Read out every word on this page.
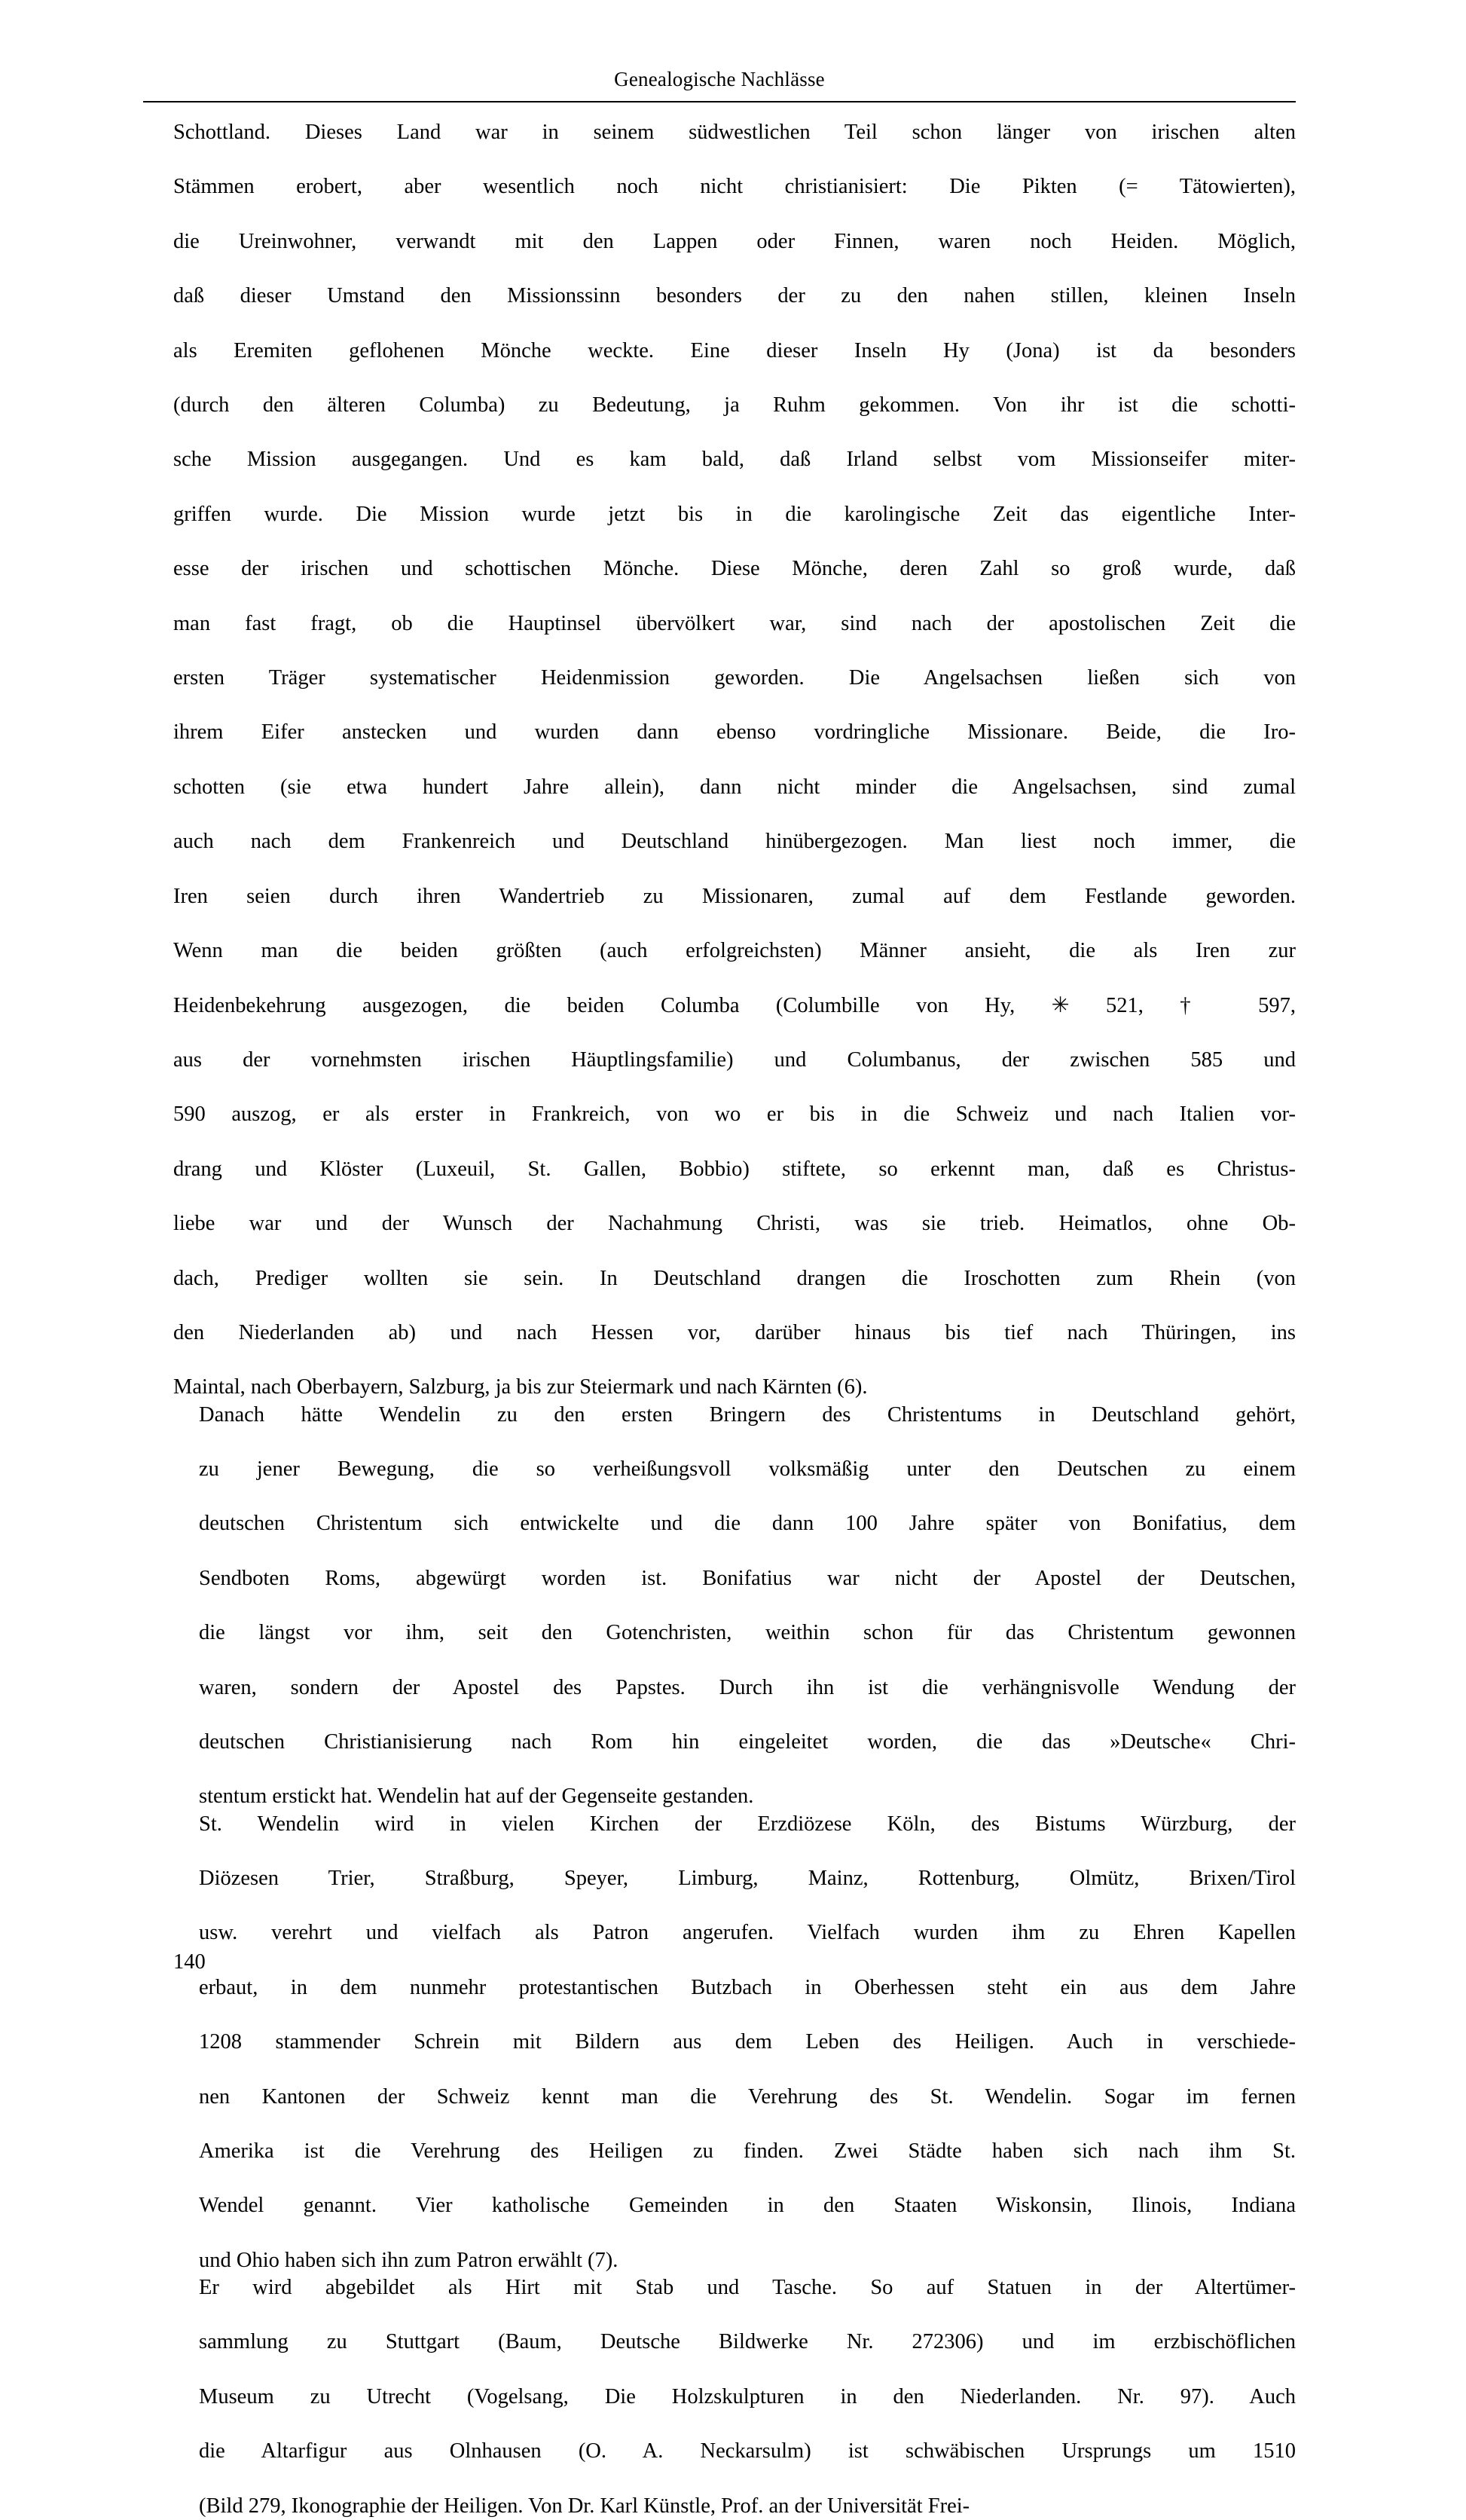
Genealogische Nachlässe

Schottland. Dieses Land war in seinem südwestlichen Teil schon länger von irischen alten
Stämmen erobert, aber wesentlich noch nicht christianisiert: Die Pikten (= Tätowierten),
die Ureinwohner, verwandt mit den Lappen oder Finnen, waren noch Heiden. Möglich,
daß dieser Umstand den Missionssinn besonders der zu den nahen stillen, kleinen Inseln
als Eremiten geflohenen Mönche weckte. Eine dieser Inseln Hy (Jona) ist da besonders
(durch den älteren Columba) zu Bedeutung, ja Ruhm gekommen. Von ihr ist die schotti-
sche Mission ausgegangen. Und es kam bald, daß Irland selbst vom Missionseifer miter-
griffen wurde. Die Mission wurde jetzt bis in die karolingische Zeit das eigentliche Inter-
esse der irischen und schottischen Mönche. Diese Mönche, deren Zahl so groß wurde, daß
man fast fragt, ob die Hauptinsel übervölkert war, sind nach der apostolischen Zeit die
ersten Träger systematischer Heidenmission geworden. Die Angelsachsen ließen sich von
ihrem Eifer anstecken und wurden dann ebenso vordringliche Missionare. Beide, die Iro-
schotten (sie etwa hundert Jahre allein), dann nicht minder die Angelsachsen, sind zumal
auch nach dem Frankenreich und Deutschland hinübergezogen. Man liest noch immer, die
Iren seien durch ihren Wandertrieb zu Missionaren, zumal auf dem Festlande geworden.
Wenn man die beiden größten (auch erfolgreichsten) Männer ansieht, die als Iren zur
Heidenbekehrung ausgezogen, die beiden Columba (Columbille von Hy, ✳ 521, † 597,
aus der vornehmsten irischen Häuptlingsfamilie) und Columbanus, der zwischen 585 und
590 auszog, er als erster in Frankreich, von wo er bis in die Schweiz und nach Italien vor-
drang und Klöster (Luxeuil, St. Gallen, Bobbio) stiftete, so erkennt man, daß es Christus-
liebe war und der Wunsch der Nachahmung Christi, was sie trieb. Heimatlos, ohne Ob-
dach, Prediger wollten sie sein. In Deutschland drangen die Iroschotten zum Rhein (von
den Niederlanden ab) und nach Hessen vor, darüber hinaus bis tief nach Thüringen, ins
Maintal, nach Oberbayern, Salzburg, ja bis zur Steiermark und nach Kärnten (6).

Danach hätte Wendelin zu den ersten Bringern des Christentums in Deutschland gehört,
zu jener Bewegung, die so verheißungsvoll volksmäßig unter den Deutschen zu einem
deutschen Christentum sich entwickelte und die dann 100 Jahre später von Bonifatius, dem
Sendboten Roms, abgewürgt worden ist. Bonifatius war nicht der Apostel der Deutschen,
die längst vor ihm, seit den Gotenchristen, weithin schon für das Christentum gewonnen
waren, sondern der Apostel des Papstes. Durch ihn ist die verhängnisvolle Wendung der
deutschen Christianisierung nach Rom hin eingeleitet worden, die das »Deutsche« Chri-
stentum erstickt hat. Wendelin hat auf der Gegenseite gestanden.

St. Wendelin wird in vielen Kirchen der Erzdiözese Köln, des Bistums Würzburg, der
Diözesen Trier, Straßburg, Speyer, Limburg, Mainz, Rottenburg, Olmütz, Brixen/Tirol
usw. verehrt und vielfach als Patron angerufen. Vielfach wurden ihm zu Ehren Kapellen
erbaut, in dem nunmehr protestantischen Butzbach in Oberhessen steht ein aus dem Jahre
1208 stammender Schrein mit Bildern aus dem Leben des Heiligen. Auch in verschiede-
nen Kantonen der Schweiz kennt man die Verehrung des St. Wendelin. Sogar im fernen
Amerika ist die Verehrung des Heiligen zu finden. Zwei Städte haben sich nach ihm St.
Wendel genannt. Vier katholische Gemeinden in den Staaten Wiskonsin, Ilinois, Indiana
und Ohio haben sich ihn zum Patron erwählt (7).

Er wird abgebildet als Hirt mit Stab und Tasche. So auf Statuen in der Altertümer-
sammlung zu Stuttgart (Baum, Deutsche Bildwerke Nr. 272306) und im erzbischöflichen
Museum zu Utrecht (Vogelsang, Die Holzskulpturen in den Niederlanden. Nr. 97). Auch
die Altarfigur aus Olnhausen (O. A. Neckarsulm) ist schwäbischen Ursprungs um 1510
(Bild 279, Ikonographie der Heiligen. Von Dr. Karl Künstle, Prof. an der Universität Frei-

140
